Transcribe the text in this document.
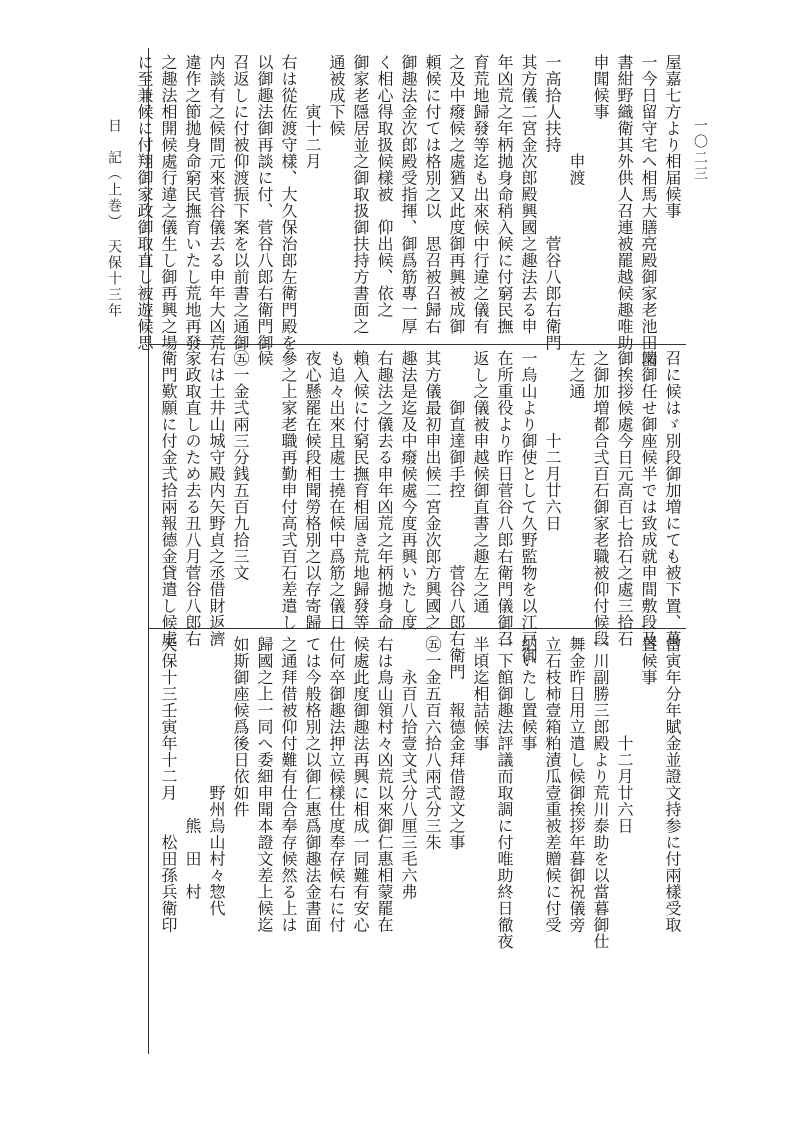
日　記（上巻）　天保十三年	一〇二三
屋嘉七方より相届候事
一今日留守宅へ相馬大膳亮殿御家老池田図
書紺野織衛其外供人召連被罷越候趣唯助
申聞候事
　　　　　　申渡
一高拾人扶持　　　　　菅谷八郎右衛門
其方儀二宮金次郎殿興國之趣法去る申
年凶荒之年柄拋身命稍入候に付窮民撫
育荒地歸發等迄も出來候中行違之儀有
之及中癈候之處猶又此度御再興被成御
頼候に付ては格別之以　思召被召歸右
御趣法金次郎殿受指揮、御爲筋專一厚
く相心得取扱候樣被　仰出候、依之
御家老隱居並之御取扱御扶持方書面之
通被成下候
　　　寅十二月
右は從佐渡守樣、大久保治郎左衛門殿を
以御趣法御再談に付、菅谷八郎右衛門御
召返しに付被仰渡振下案を以前書之通御
内談有之候間元來菅谷儀去る申年大凶荒
違作之節拋身命窮民撫育いたし荒地再發
之趣法相開候處行違之儀生し御再興之場
に至兼候に付翔御家政御取直し被遊候思
召に候はゞ別段御加増にても被下置、萬
端御任せ御座候半では致成就申間敷段及
御挨拶候處今日元高百七拾石之處三拾石
之御加増都合弍百石御家老職被仰付候段
左之通
　　　　　十二月廿六日
一烏山より御使として久野監物を以江戸御
在所重役より昨日菅谷八郎右衛門儀御召
返し之儀被申越候御直書之趣左之通
　　　御直達御手控　　　　菅谷八郎右衛門
其方儀最初申出候二宮金次郎方興國之
趣法是迄及中癈候處今度再興いたし度
右趣法之儀去る申年凶荒之年柄拋身命
賴入候に付窮民撫育相屆き荒地歸發等
も追々出來且處士撓在候中爲筋之儀日
夜心懸罷在候段相聞勞格別之以存寄歸
參之上家老職再勤申付高弍百石差遣し
候
㊄一金弍兩三分銭五百九拾三文
右は土井山城守殿内矢野貞之丞借財返濟
家政取直しのため去る丑八月菅谷八郎右
衛門歎願に付金弍拾兩報德金貸遣し候處
當寅年分年賦金並證文持参に付兩樣受取
置候事
　　　　　　十二月廿六日
一川副勝三郎殿より荒川泰助を以當暮御仕
舞金昨日用立遣し候御挨拶年暮御祝儀旁
立石枝柿壹箱粕漬瓜壹重被差贈候に付受
納いたし置候事
一下館御趣法評議而取調に付唯助終日徹夜
半頃迄相詰候事
　　　　報德金拜借證文之事
㊄一金五百六拾八兩弍分三朱
　　永百八拾壹文弍分八厘三毛六弗
右は鳥山領村々凶荒以來御仁惠相蒙罷在
候處此度御趣法再興に相成一同難有安心
仕何卒御趣法押立候樣仕度奉存候右に付
ては今般格別之以御仁惠爲御趣法金書面
之通拜借被仰付難有仕合奉存候然る上は
歸國之上一同へ委細申聞本證文差上候迄
如斯御座候爲後日依如件
　　　　　　　　　野州烏山村々惣代
　　　　　　　　　　　熊　田　村
天保十三壬寅年十二月　　松田孫兵衛印
